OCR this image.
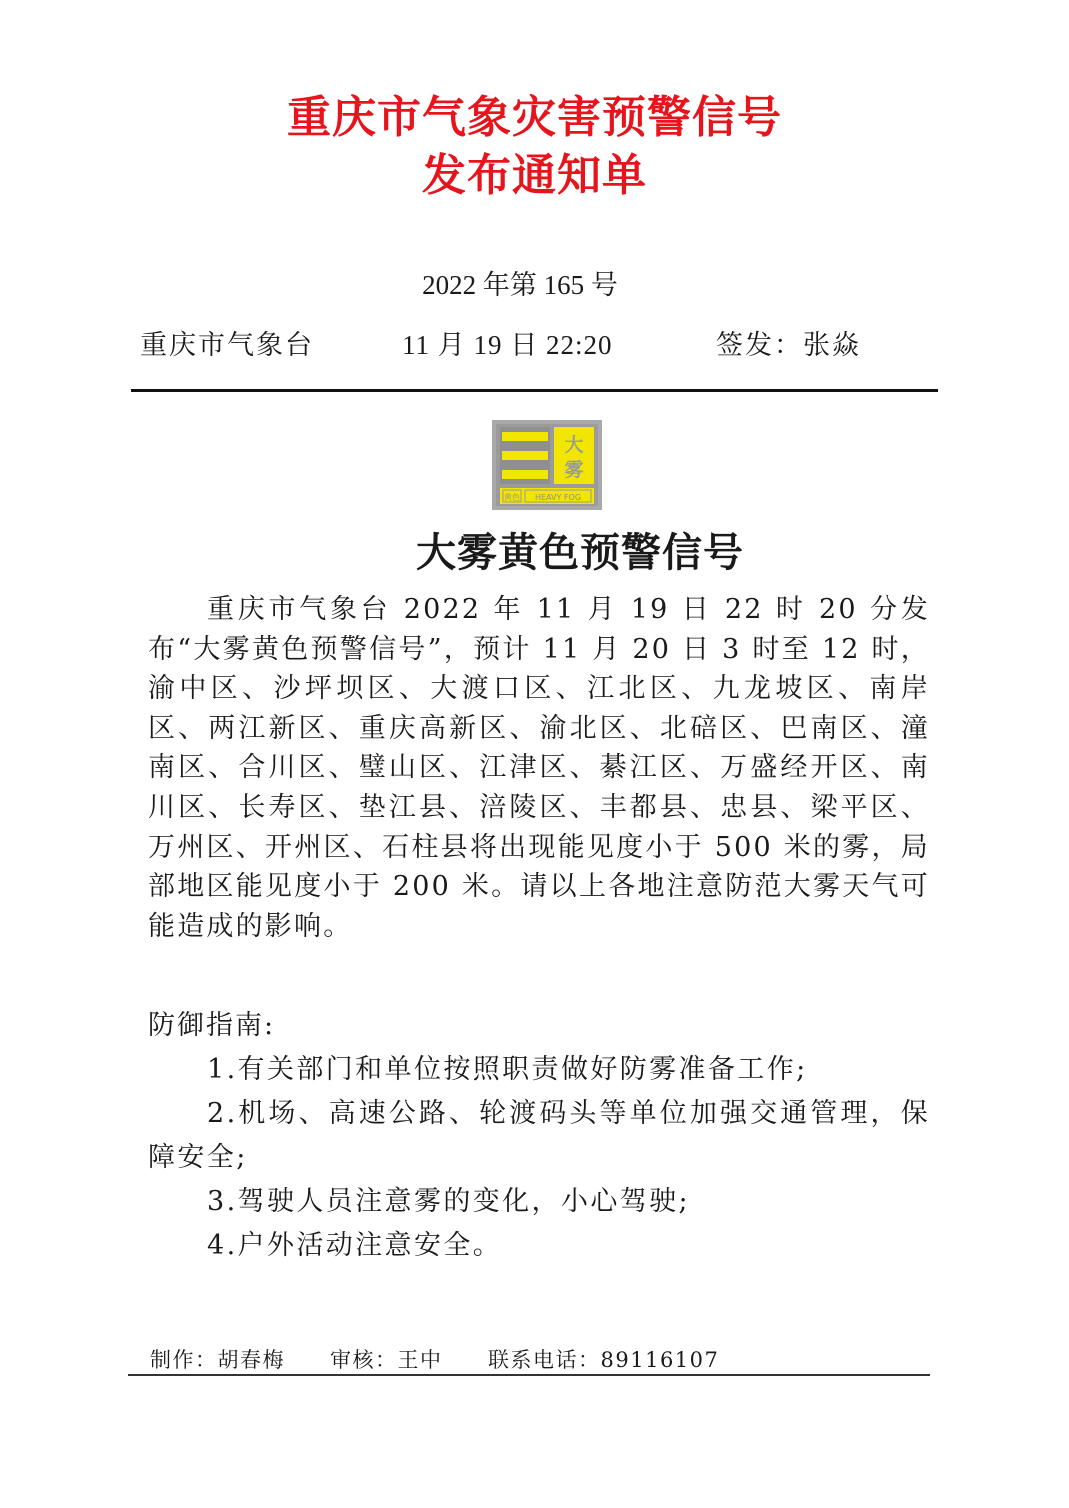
重庆市气象灾害预警信号
发布通知单
2022 年第 165 号
重庆市气象台	11 月 19 日 22:20	签发：张焱
大
雾
黄色 HEAVY FOG
大雾黄色预警信号

重庆市气象台 2022 年 11 月 19 日 22 时 20 分发布“大雾黄色预警信号”，预计 11 月 20 日 3 时至 12 时，渝中区、沙坪坝区、大渡口区、江北区、九龙坡区、南岸区、两江新区、重庆高新区、渝北区、北碚区、巴南区、潼南区、合川区、璧山区、江津区、綦江区、万盛经开区、南川区、长寿区、垫江县、涪陵区、丰都县、忠县、梁平区、万州区、开州区、石柱县将出现能见度小于 500 米的雾，局部地区能见度小于 200 米。请以上各地注意防范大雾天气可能造成的影响。

防御指南:
1.有关部门和单位按照职责做好防雾准备工作;
2.机场、高速公路、轮渡码头等单位加强交通管理，保障安全;
3.驾驶人员注意雾的变化，小心驾驶;
4.户外活动注意安全。
制作：胡春梅 审核：王中 联系电话：89116107
